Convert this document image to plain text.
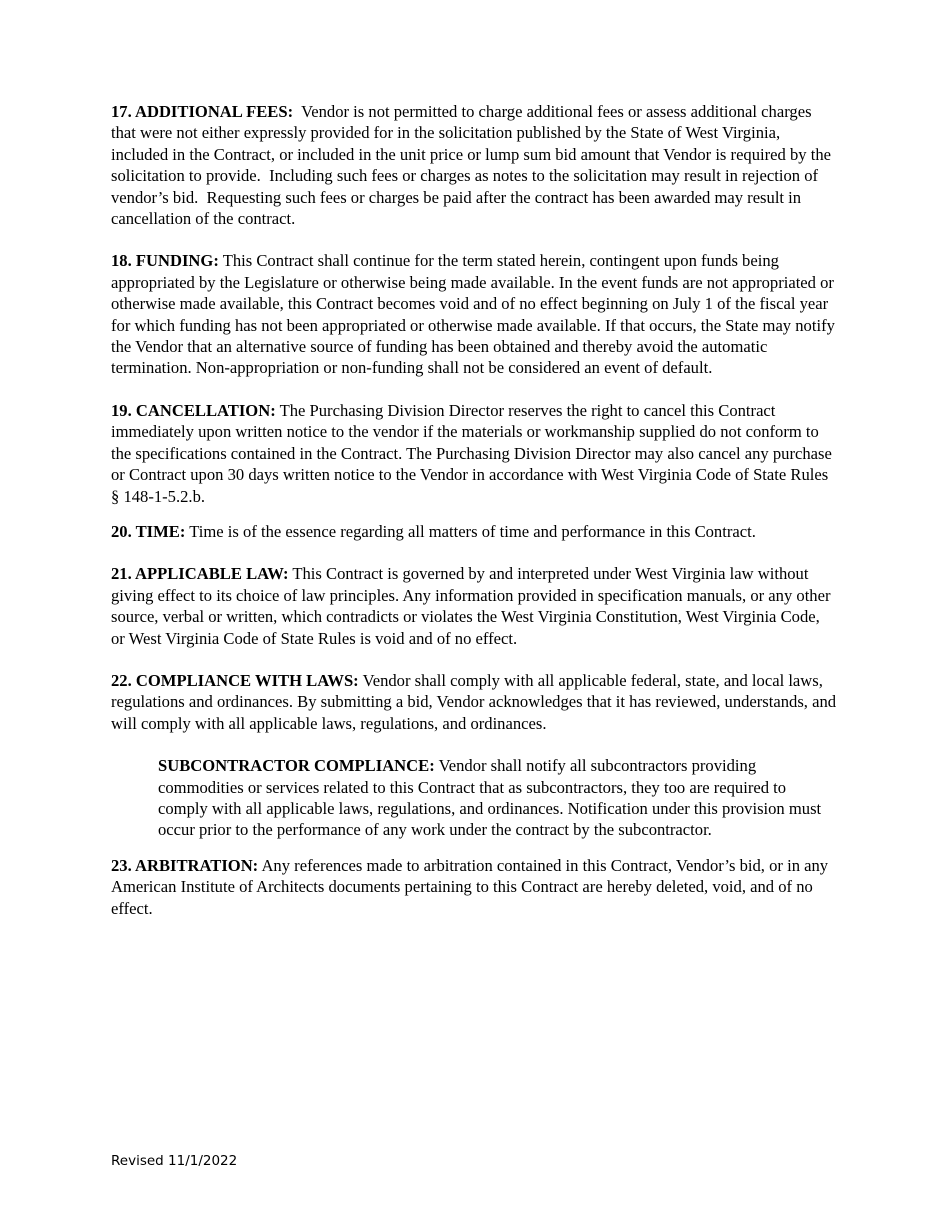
17. ADDITIONAL FEES:  Vendor is not permitted to charge additional fees or assess additional charges that were not either expressly provided for in the solicitation published by the State of West Virginia, included in the Contract, or included in the unit price or lump sum bid amount that Vendor is required by the solicitation to provide.  Including such fees or charges as notes to the solicitation may result in rejection of vendor’s bid.  Requesting such fees or charges be paid after the contract has been awarded may result in cancellation of the contract.

18. FUNDING: This Contract shall continue for the term stated herein, contingent upon funds being appropriated by the Legislature or otherwise being made available. In the event funds are not appropriated or otherwise made available, this Contract becomes void and of no effect beginning on July 1 of the fiscal year for which funding has not been appropriated or otherwise made available. If that occurs, the State may notify the Vendor that an alternative source of funding has been obtained and thereby avoid the automatic termination. Non-appropriation or non-funding shall not be considered an event of default.

19. CANCELLATION: The Purchasing Division Director reserves the right to cancel this Contract immediately upon written notice to the vendor if the materials or workmanship supplied do not conform to the specifications contained in the Contract. The Purchasing Division Director may also cancel any purchase or Contract upon 30 days written notice to the Vendor in accordance with West Virginia Code of State Rules § 148-1-5.2.b.

20. TIME: Time is of the essence regarding all matters of time and performance in this Contract.

21. APPLICABLE LAW: This Contract is governed by and interpreted under West Virginia law without giving effect to its choice of law principles. Any information provided in specification manuals, or any other source, verbal or written, which contradicts or violates the West Virginia Constitution, West Virginia Code, or West Virginia Code of State Rules is void and of no effect.

22. COMPLIANCE WITH LAWS: Vendor shall comply with all applicable federal, state, and local laws, regulations and ordinances. By submitting a bid, Vendor acknowledges that it has reviewed, understands, and will comply with all applicable laws, regulations, and ordinances.

SUBCONTRACTOR COMPLIANCE: Vendor shall notify all subcontractors providing commodities or services related to this Contract that as subcontractors, they too are required to comply with all applicable laws, regulations, and ordinances. Notification under this provision must occur prior to the performance of any work under the contract by the subcontractor.

23. ARBITRATION: Any references made to arbitration contained in this Contract, Vendor’s bid, or in any American Institute of Architects documents pertaining to this Contract are hereby deleted, void, and of no effect.

Revised 11/1/2022
